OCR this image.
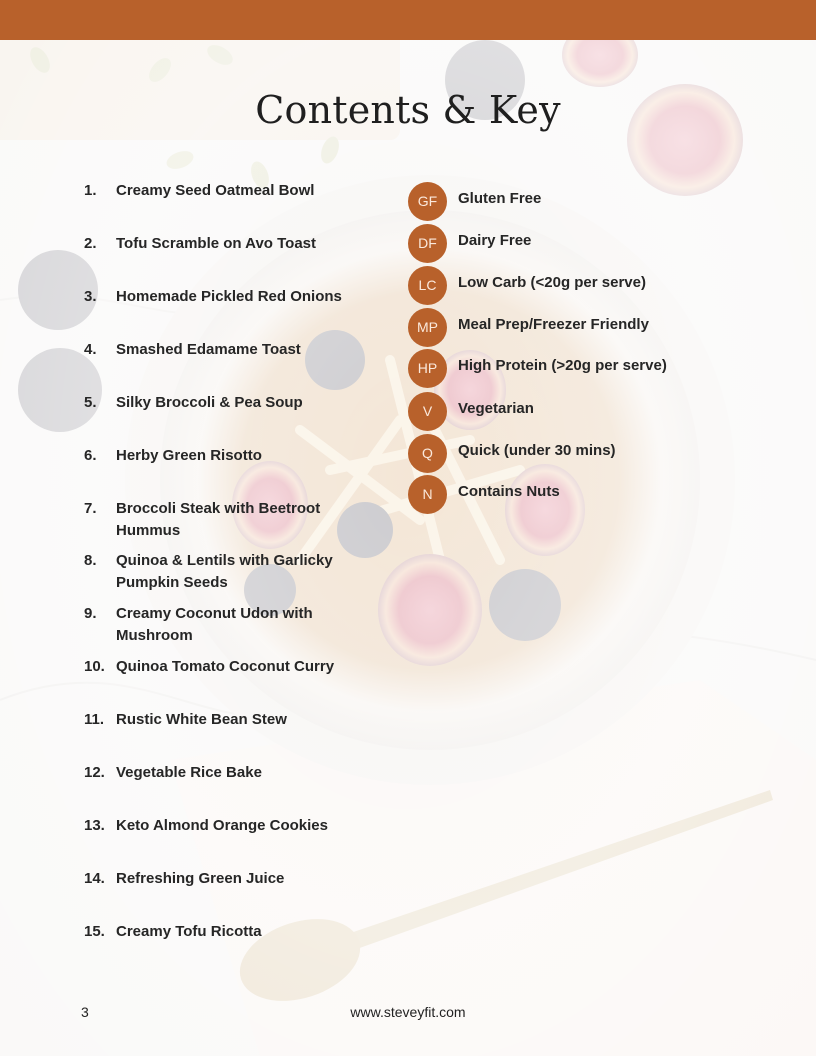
Contents & Key
1.	Creamy Seed Oatmeal Bowl
2.	Tofu Scramble on Avo Toast
3.	Homemade Pickled Red Onions
4.	Smashed Edamame Toast
5.	Silky Broccoli & Pea Soup
6.	Herby Green Risotto
7.	Broccoli Steak with Beetroot Hummus
8.	Quinoa & Lentils with Garlicky Pumpkin Seeds
9.	Creamy Coconut Udon with Mushroom
10. Quinoa Tomato Coconut Curry
11. Rustic White Bean Stew
12. Vegetable Rice Bake
13. Keto Almond Orange Cookies
14. Refreshing Green Juice
15. Creamy Tofu Ricotta
GF	Gluten Free
DF	Dairy Free
LC	Low Carb (<20g per serve)
MP	Meal Prep/Freezer Friendly
HP	High Protein (>20g per serve)
V	Vegetarian
Q	Quick (under 30 mins)
N	Contains Nuts
3	www.steveyfit.com
